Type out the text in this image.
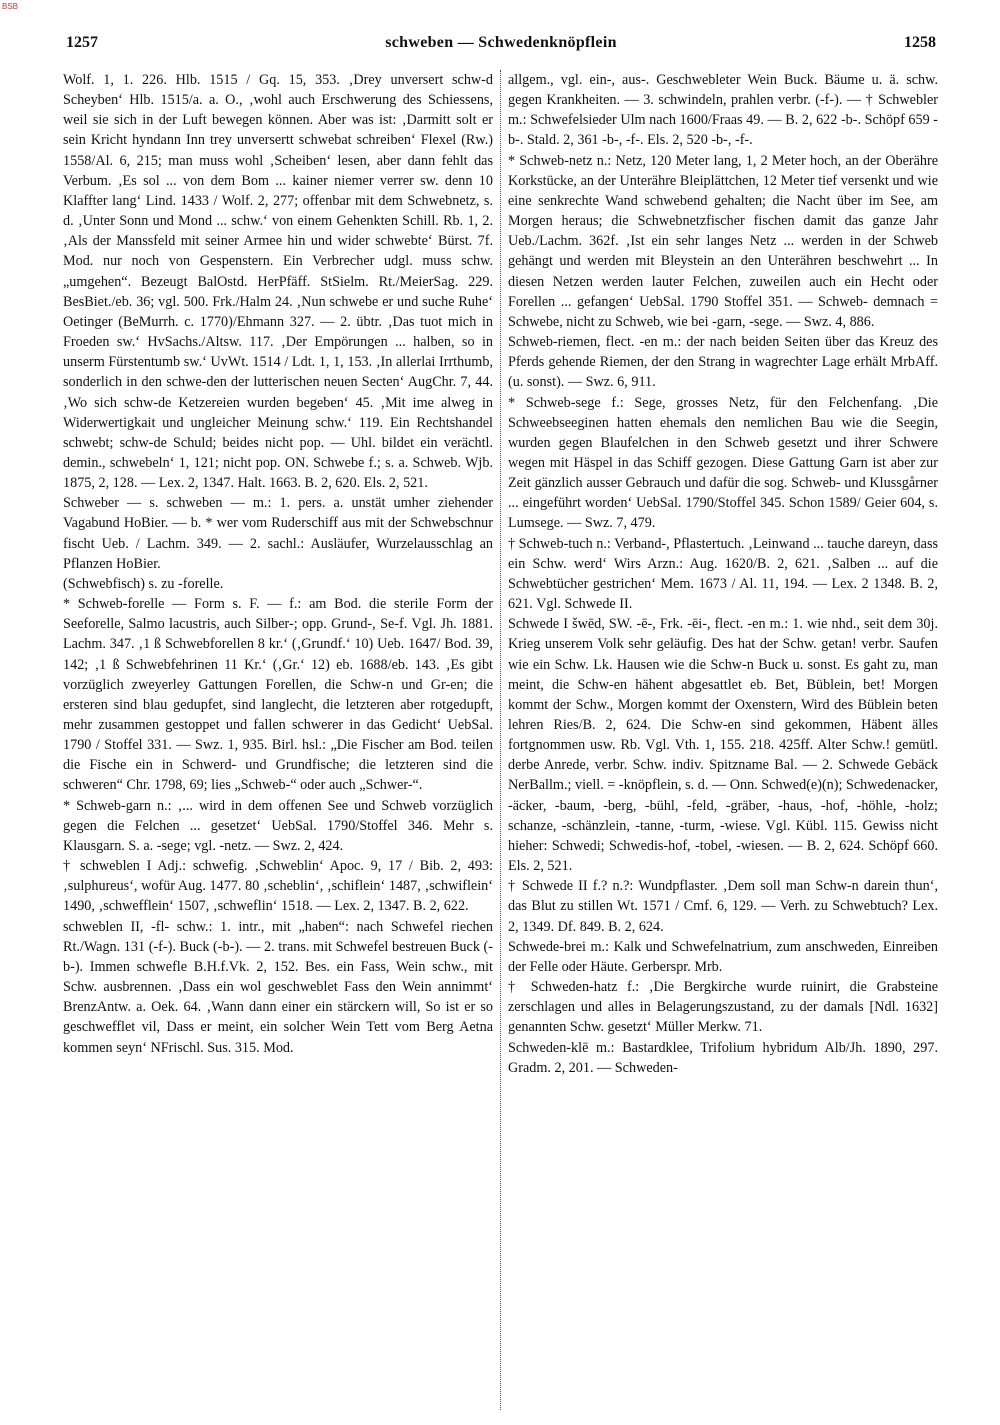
BSB
1257	schweben — Schwedenknöpflein	1258

Wolf. 1, 1. 226. Hlb. 1515 / Gq. 15, 353. ‚Drey unversert schw-d Scheyben‘ Hlb. 1515/a. a. O., ‚wohl auch Erschwerung des Schiessens, weil sie sich in der Luft bewegen können. Aber was ist: ‚Darmitt solt er sein Kricht hyndann Inn trey unversertt schwebat schreiben‘ Flexel (Rw.) 1558/Al. 6, 215; man muss wohl ‚Scheiben‘ lesen, aber dann fehlt das Verbum. ‚Es sol ... von dem Bom ... kainer niemer verrer sw. denn 10 Klaffter lang‘ Lind. 1433 / Wolf. 2, 277; offenbar mit dem Schwebnetz, s. d. ‚Unter Sonn und Mond ... schw.‘ von einem Gehenkten Schill. Rb. 1, 2. ‚Als der Manssfeld mit seiner Armee hin und wider schwebte‘ Bürst. 7f. Mod. nur noch von Gespenstern. Ein Verbrecher udgl. muss schw. „umgehen“. Bezeugt BalOstd. HerPfäff. StSielm. Rt./MeierSag. 229. BesBiet./eb. 36; vgl. 500. Frk./Halm 24. ‚Nun schwebe er und suche Ruhe‘ Oetinger (BeMurrh. c. 1770)/Ehmann 327. — 2. übtr. ‚Das tuot mich in Froeden sw.‘ HvSachs./Altsw. 117. ‚Der Empörungen ... halben, so in unserm Fürstentumb sw.‘ UvWt. 1514 / Ldt. 1, 1, 153. ‚In allerlai Irrthumb, sonderlich in den schwe-den der lutterischen neuen Secten‘ AugChr. 7, 44. ‚Wo sich schw-de Ketzereien wurden begeben‘ 45. ‚Mit ime alweg in Widerwertigkait und ungleicher Meinung schw.‘ 119. Ein Rechtshandel schwebt; schw-de Schuld; beides nicht pop. — Uhl. bildet ein verächtl. demin., schwebeln‘ 1, 121; nicht pop. ON. Schwebe f.; s. a. Schweb. Wjb. 1875, 2, 128. — Lex. 2, 1347. Halt. 1663. B. 2, 620. Els. 2, 521.

Schweber — s. schweben — m.: 1. pers. a. unstät umher ziehender Vagabund HoBier. — b. * wer vom Ruderschiff aus mit der Schwebschnur fischt Ueb. / Lachm. 349. — 2. sachl.: Ausläufer, Wurzelausschlag an Pflanzen HoBier.

(Schwebfisch) s. zu -forelle.

* Schweb-forelle — Form s. F. — f.: am Bod. die sterile Form der Seeforelle, Salmo lacustris, auch Silber-; opp. Grund-, Se-f. Vgl. Jh. 1881. Lachm. 347. ‚1 ß Schwebforellen 8 kr.‘ (‚Grundf.‘ 10) Ueb. 1647/ Bod. 39, 142; ‚1 ß Schwebfehrinen 11 Kr.‘ (‚Gr.‘ 12) eb. 1688/eb. 143. ‚Es gibt vorzüglich zweyerley Gattungen Forellen, die Schw-n und Gr-en; die ersteren sind blau gedupfet, sind langlecht, die letzteren aber rotgedupft, mehr zusammen gestoppet und fallen schwerer in das Gedicht‘ UebSal. 1790 / Stoffel 331. — Swz. 1, 935. Birl. hsl.: „Die Fischer am Bod. teilen die Fische ein in Schwerd- und Grundfische; die letzteren sind die schweren“ Chr. 1798, 69; lies „Schweb-“ oder auch „Schwer-“.

* Schweb-garn n.: ‚... wird in dem offenen See und Schweb vorzüglich gegen die Felchen ... gesetzet‘ UebSal. 1790/Stoffel 346. Mehr s. Klausgarn. S. a. -sege; vgl. -netz. — Swz. 2, 424.

† schweblen I Adj.: schwefig. ‚Schweblin‘ Apoc. 9, 17 / Bib. 2, 493: ‚sulphureus‘, wofür Aug. 1477. 80 ‚scheblin‘, ‚schiflein‘ 1487, ‚schwiflein‘ 1490, ‚schwefflein‘ 1507, ‚schweflin‘ 1518. — Lex. 2, 1347. B. 2, 622.

schweblen II, -fl- schw.: 1. intr., mit „haben“: nach Schwefel riechen Rt./Wagn. 131 (-f-). Buck (-b-). — 2. trans. mit Schwefel bestreuen Buck (-b-). Immen schwefle B.H.f.Vk. 2, 152. Bes. ein Fass, Wein schw., mit Schw. ausbrennen. ‚Dass ein wol geschweblet Fass den Wein annimmt‘ BrenzAntw. a. Oek. 64. ‚Wann dann einer ein stärckern will, So ist er so geschwefflet vil, Dass er meint, ein solcher Wein Tett vom Berg Aetna kommen seyn‘ NFrischl. Sus. 315. Mod.

allgem., vgl. ein-, aus-. Geschwebleter Wein Buck. Bäume u. ä. schw. gegen Krankheiten. — 3. schwindeln, prahlen verbr. (-f-). — † Schwebler m.: Schwefelsieder Ulm nach 1600/Fraas 49. — B. 2, 622 -b-. Schöpf 659 -b-. Stald. 2, 361 -b-, -f-. Els. 2, 520 -b-, -f-.

* Schweb-netz n.: Netz, 120 Meter lang, 1, 2 Meter hoch, an der Oberähre Korkstücke, an der Unterähre Bleiplättchen, 12 Meter tief versenkt und wie eine senkrechte Wand schwebend gehalten; die Nacht über im See, am Morgen heraus; die Schwebnetzfischer fischen damit das ganze Jahr Ueb./Lachm. 362f. ‚Ist ein sehr langes Netz ... werden in der Schweb gehängt und werden mit Bleystein an den Unterähren beschwehrt ... In diesen Netzen werden lauter Felchen, zuweilen auch ein Hecht oder Forellen ... gefangen‘ UebSal. 1790 Stoffel 351. — Schweb- demnach = Schwebe, nicht zu Schweb, wie bei -garn, -sege. — Swz. 4, 886.

Schweb-riemen, flect. -en m.: der nach beiden Seiten über das Kreuz des Pferds gehende Riemen, der den Strang in wagrechter Lage erhält MrbAff. (u. sonst). — Swz. 6, 911.

* Schweb-sege f.: Sege, grosses Netz, für den Felchenfang. ‚Die Schweebseeginen hatten ehemals den nemlichen Bau wie die Seegin, wurden gegen Blaufelchen in den Schweb gesetzt und ihrer Schwere wegen mit Häspel in das Schiff gezogen. Diese Gattung Garn ist aber zur Zeit gänzlich ausser Gebrauch und dafür die sog. Schweb- und Klussgårner ... eingeführt worden‘ UebSal. 1790/Stoffel 345. Schon 1589/ Geier 604, s. Lumsege. — Swz. 7, 479.

† Schweb-tuch n.: Verband-, Pflastertuch. ‚Leinwand ... tauche dareyn, dass ein Schw. werd‘ Wirs Arzn.: Aug. 1620/B. 2, 621. ‚Salben ... auf die Schwebtücher gestrichen‘ Mem. 1673 / Al. 11, 194. — Lex. 2 1348. B. 2, 621. Vgl. Schwede II.

Schwede I šwēd, SW. -ē-, Frk. -ēi-, flect. -en m.: 1. wie nhd., seit dem 30j. Krieg unserem Volk sehr geläufig. Des hat der Schw. getan! verbr. Saufen wie ein Schw. Lk. Hausen wie die Schw-n Buck u. sonst. Es gaht zu, man meint, die Schw-en hähent abgesattlet eb. Bet, Büblein, bet! Morgen kommt der Schw., Morgen kommt der Oxenstern, Wird des Büblein beten lehren Ries/B. 2, 624. Die Schw-en sind gekommen, Häbent älles fortgnommen usw. Rb. Vgl. Vth. 1, 155. 218. 425ff. Alter Schw.! gemütl. derbe Anrede, verbr. Schw. indiv. Spitzname Bal. — 2. Schwede Gebäck NerBallm.; viell. = -knöpflein, s. d. — Onn. Schwed(e)(n); Schwedenacker, -äcker, -baum, -berg, -bühl, -feld, -gräber, -haus, -hof, -höhle, -holz; schanze, -schänzlein, -tanne, -turm, -wiese. Vgl. Kübl. 115. Gewiss nicht hieher: Schwedi; Schwedis-hof, -tobel, -wiesen. — B. 2, 624. Schöpf 660. Els. 2, 521.

† Schwede II f.? n.?: Wundpflaster. ‚Dem soll man Schw-n darein thun‘, das Blut zu stillen Wt. 1571 / Cmf. 6, 129. — Verh. zu Schwebtuch? Lex. 2, 1349. Df. 849. B. 2, 624.

Schwede-brei m.: Kalk und Schwefelnatrium, zum anschweden, Einreiben der Felle oder Häute. Gerberspr. Mrb.

† Schweden-hatz f.: ‚Die Bergkirche wurde ruinirt, die Grabsteine zerschlagen und alles in Belagerungszustand, zu der damals [Ndl. 1632] genannten Schw. gesetzt‘ Müller Merkw. 71.

Schweden-klē m.: Bastardklee, Trifolium hybridum Alb/Jh. 1890, 297. Gradm. 2, 201. — Schweden-
